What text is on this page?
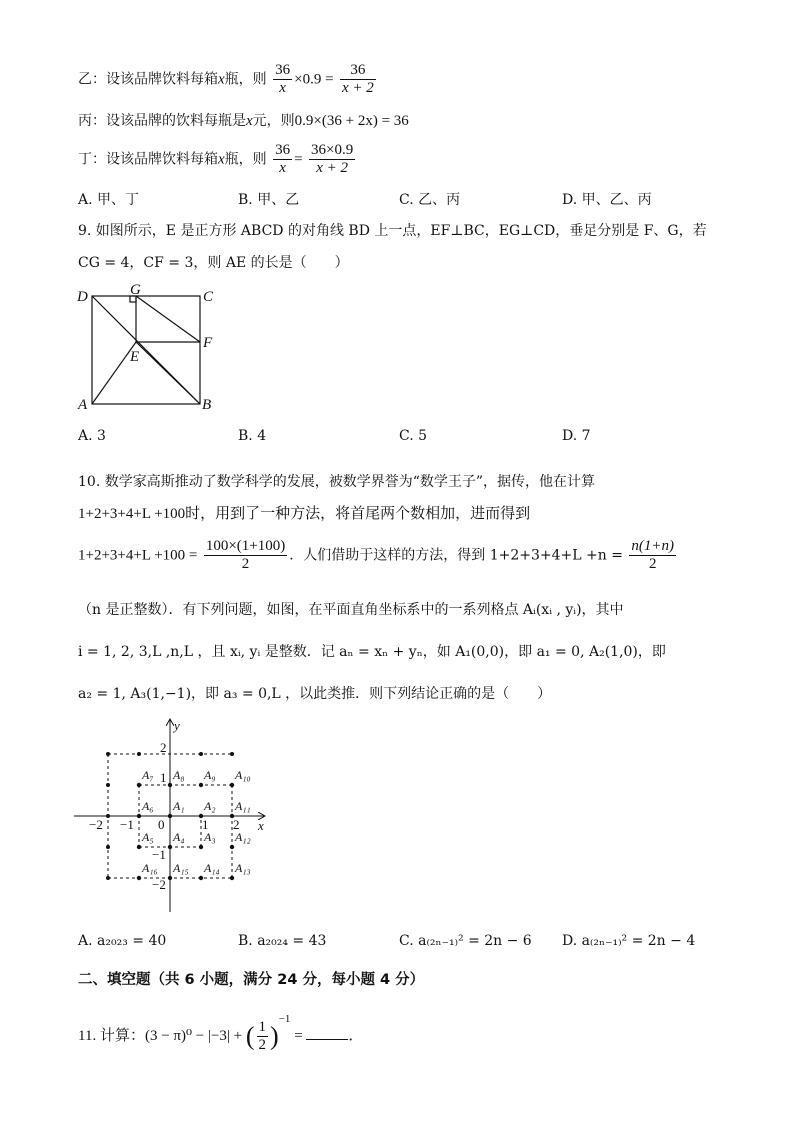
乙：设该品牌饮料每箱x瓶，则 $\frac{36}{x} \times 0.9 = \frac{36}{x + 2}$
丙：设该品牌的饮料每瓶是x元，则0.9×(36 + 2x) = 36
丁：设该品牌饮料每箱x瓶，则 $\frac{36}{x} = \frac{36\times 0.9}{x + 2}$
A. 甲、丁	B. 甲、乙	C. 乙、丙	D. 甲、乙、丙
9. 如图所示，E 是正方形 ABCD 的对角线 BD 上一点，EF⊥BC，EG⊥CD，垂足分别是 F、G，若
CG = 4，CF = 3，则 AE 的长是（　　）
D	G	C
F
E
A	B
A. 3	B. 4	C. 5	D. 7
10. 数学家高斯推动了数学科学的发展，被数学界誉为“数学王子”，据传，他在计算
1+2+3+4+L +100时，用到了一种方法，将首尾两个数相加，进而得到
$1+2+3+4+L +100 = \frac{100\times(1+100)}{2}$ ．人们借助于这样的方法，得到 $1+2+3+4+L +n = \frac{n(1+n)}{2}$
（n 是正整数）．有下列问题，如图，在平面直角坐标系中的一系列格点 Aᵢ(xᵢ , yᵢ)，其中
i = 1, 2, 3,L ,n,L ，且 xᵢ, yᵢ 是整数．记 aₙ = xₙ + yₙ，如 A₁(0,0)，即 a₁ = 0, A₂(1,0)，即
a₂ = 1, A₃(1,−1)，即 a₃ = 0,L ，以此类推．则下列结论正确的是（　　）
A₁ A₂
A₃
A₄
A₅
A₆
A₇ A₈ A₉ A₁₀
A₁₁
A₁₂
A₁₃
A₁₄
A₁₅
A₁₆
x
y
0
−2 −1	1 2
2
1
−1
−2
A. a₂₀₂₃ = 40	B. a₂₀₂₄ = 43	C. a₍₂ₙ₋₁₎² = 2n − 6 D. a₍₂ₙ₋₁₎² = 2n − 4
二、填空题（共 6 小题，满分 24 分，每小题 4 分）
11. 计算：(3 − π)⁰ − |−3| + ( $\frac{1}{2} )^{-1}$ =	．
